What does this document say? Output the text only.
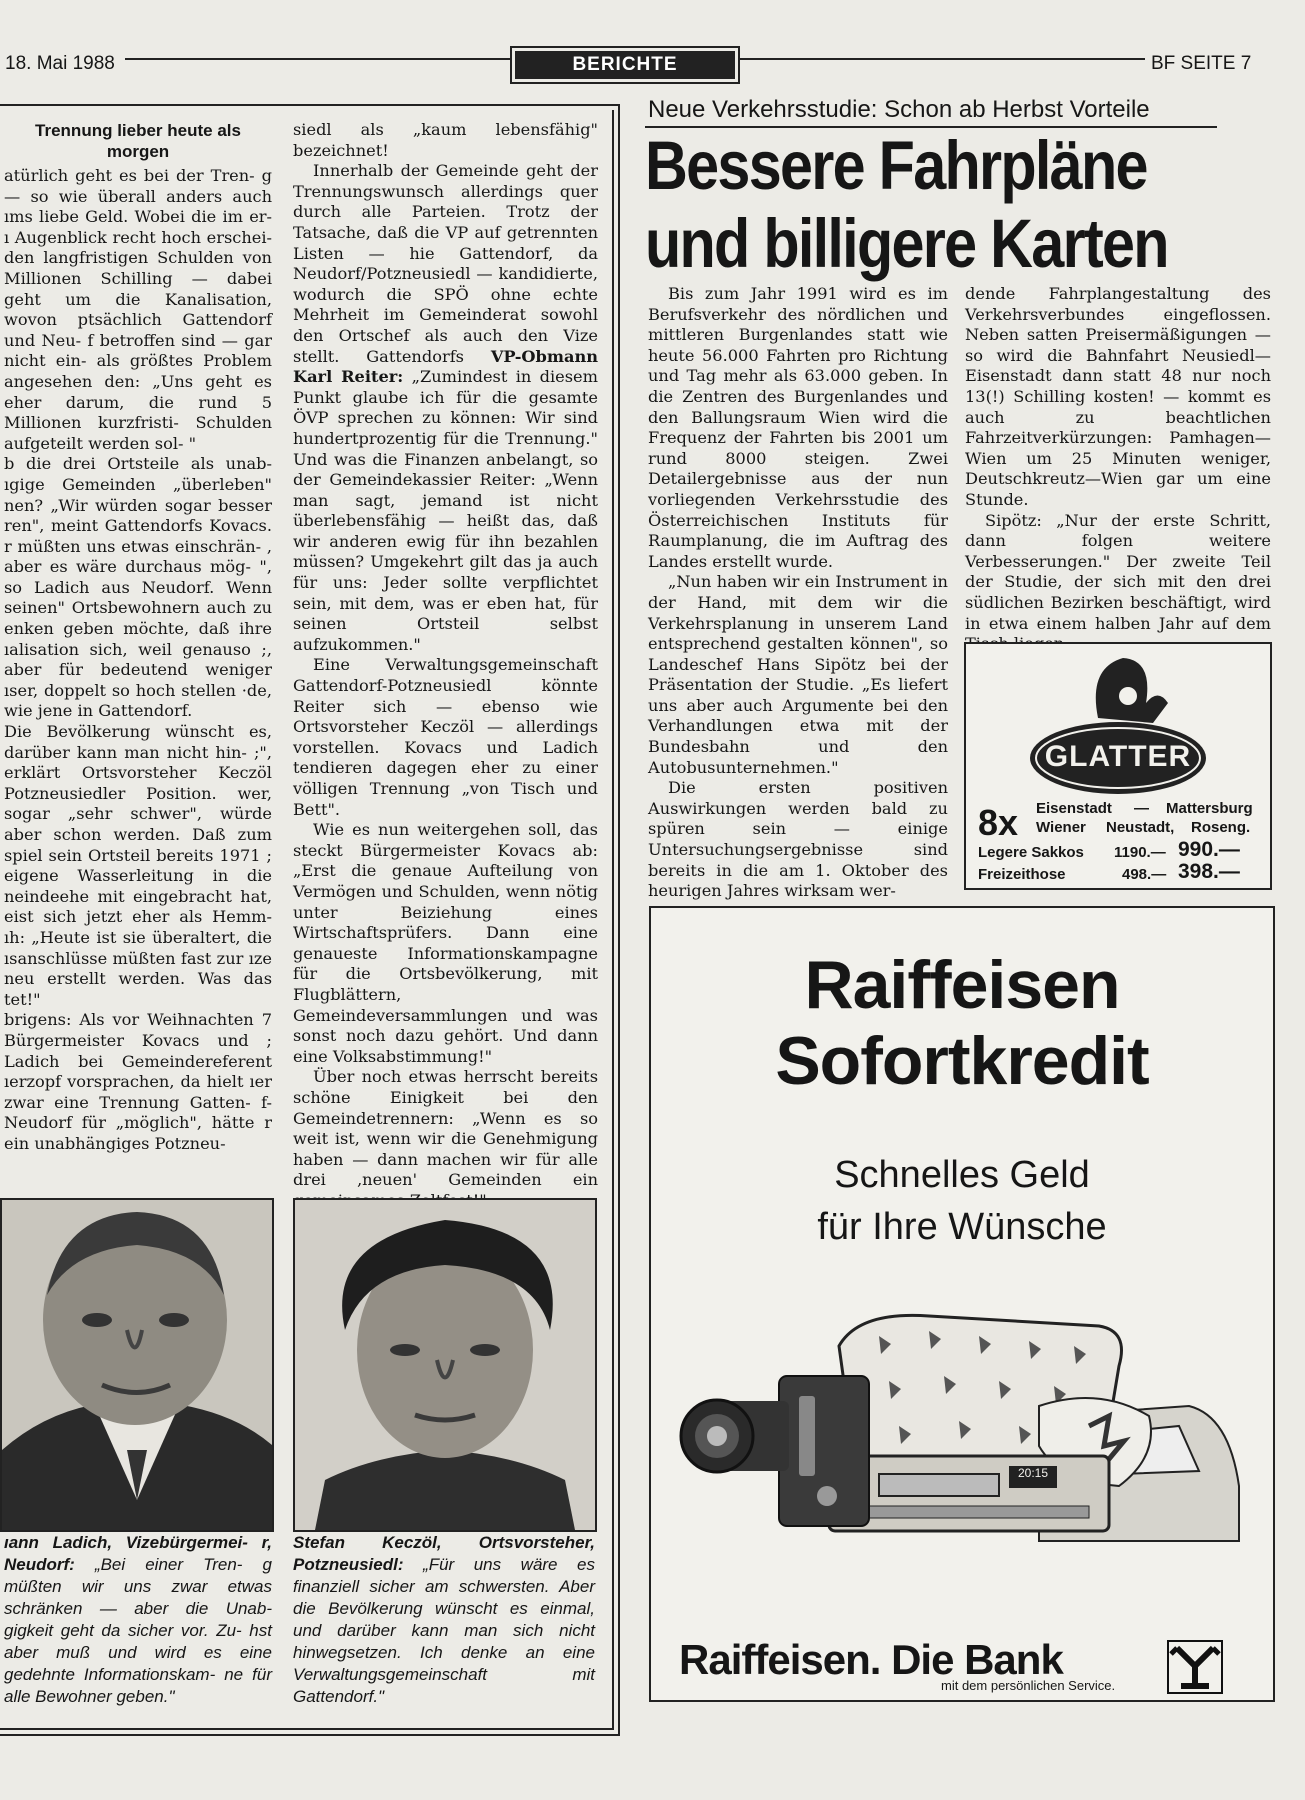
18. Mai 1988	BERICHTE	BF SEITE 7
Trennung lieber heute als morgen

atürlich geht es bei der Tren- g — so wie überall anders auch ıms liebe Geld. Wobei die im er- ı Augenblick recht hoch erschei- den langfristigen Schulden von Millionen Schilling — dabei geht um die Kanalisation, wovon ptsächlich Gattendorf und Neu- f betroffen sind — gar nicht ein- als größtes Problem angesehen den: „Uns geht es eher darum, die rund 5 Millionen kurzfristi- Schulden aufgeteilt werden sol- "

b die drei Ortsteile als unab- ıgige Gemeinden „überleben" nen? „Wir würden sogar besser ren", meint Gattendorfs Kovacs. r müßten uns etwas einschrän- , aber es wäre durchaus mög- ", so Ladich aus Neudorf. Wenn seinen" Ortsbewohnern auch zu enken geben möchte, daß ihre ıalisation sich, weil genauso ;, aber für bedeutend weniger ıser, doppelt so hoch stellen ·de, wie jene in Gattendorf.

Die Bevölkerung wünscht es, darüber kann man nicht hin- ;", erklärt Ortsvorsteher Keczöl Potzneusiedler Position. wer, sogar „sehr schwer", würde aber schon werden. Daß zum spiel sein Ortsteil bereits 1971 ; eigene Wasserleitung in die neindeehe mit eingebracht hat, eist sich jetzt eher als Hemm- ıh: „Heute ist sie überaltert, die ısanschlüsse müßten fast zur ıze neu erstellt werden. Was das tet!"

brigens: Als vor Weihnachten 7 Bürgermeister Kovacs und ; Ladich bei Gemeindereferent ıerzopf vorsprachen, da hielt ıer zwar eine Trennung Gatten- f-Neudorf für „möglich", hätte r ein unabhängiges Potzneu-

siedl als „kaum lebensfähig" bezeichnet!

Innerhalb der Gemeinde geht der Trennungswunsch allerdings quer durch alle Parteien. Trotz der Tatsache, daß die VP auf getrennten Listen — hie Gattendorf, da Neudorf/Potzneusiedl — kandidierte, wodurch die SPÖ ohne echte Mehrheit im Gemeinderat sowohl den Ortschef als auch den Vize stellt. Gattendorfs VP-Obmann Karl Reiter: „Zumindest in diesem Punkt glaube ich für die gesamte ÖVP sprechen zu können: Wir sind hundertprozentig für die Trennung." Und was die Finanzen anbelangt, so der Gemeindekassier Reiter: „Wenn man sagt, jemand ist nicht überlebensfähig — heißt das, daß wir anderen ewig für ihn bezahlen müssen? Umgekehrt gilt das ja auch für uns: Jeder sollte verpflichtet sein, mit dem, was er eben hat, für seinen Ortsteil selbst aufzukommen."

Eine Verwaltungsgemeinschaft Gattendorf-Potzneusiedl könnte Reiter sich — ebenso wie Ortsvorsteher Keczöl — allerdings vorstellen. Kovacs und Ladich tendieren dagegen eher zu einer völligen Trennung „von Tisch und Bett".

Wie es nun weitergehen soll, das steckt Bürgermeister Kovacs ab: „Erst die genaue Aufteilung von Vermögen und Schulden, wenn nötig unter Beiziehung eines Wirtschaftsprüfers. Dann eine genaueste Informationskampagne für die Ortsbevölkerung, mit Flugblättern, Gemeindeversammlungen und was sonst noch dazu gehört. Und dann eine Volksabstimmung!"

Über noch etwas herrscht bereits schöne Einigkeit bei den Gemeindetrennern: „Wenn es so weit ist, wenn wir die Genehmigung haben — dann machen wir für alle drei ‚neuen' Gemeinden ein

ıann Ladich, Vizebürgermei- r, Neudorf: „Bei einer Tren- g müßten wir uns zwar etwas schränken — aber die Unab- gigkeit geht da sicher vor. Zu- hst aber muß und wird es eine gedehnte Informationskam- ne für alle Bewohner geben."
Stefan Keczöl, Ortsvorsteher, Potzneusiedl: „Für uns wäre es finanziell sicher am schwersten. Aber die Bevölkerung wünscht es einmal, und darüber kann man sich nicht hinwegsetzen. Ich denke an eine Verwaltungsgemeinschaft mit Gattendorf."
Neue Verkehrsstudie: Schon ab Herbst Vorteile
Bessere Fahrpläne
und billigere Karten

Bis zum Jahr 1991 wird es im Berufsverkehr des nördlichen und mittleren Burgenlandes statt wie heute 56.000 Fahrten pro Richtung und Tag mehr als 63.000 geben. In die Zentren des Burgenlandes und den Ballungsraum Wien wird die Frequenz der Fahrten bis 2001 um rund 8000 steigen. Zwei Detailergebnisse aus der nun vorliegenden Verkehrsstudie des Österreichischen Instituts für Raumplanung, die im Auftrag des Landes erstellt wurde.

„Nun haben wir ein Instrument in der Hand, mit dem wir die Verkehrsplanung in unserem Land entsprechend gestalten können", so Landeschef Hans Sipötz bei der Präsentation der Studie. „Es liefert uns aber auch Argumente bei den Verhandlungen etwa mit der Bundesbahn und den Autobusunternehmen."

Die ersten positiven Auswirkungen werden bald zu spüren sein — einige Untersuchungsergebnisse sind bereits in die am 1. Oktober des heurigen Jahres wirksam wer-

dende Fahrplangestaltung des Verkehrsverbundes eingeflossen. Neben satten Preisermäßigungen — so wird die Bahnfahrt Neusiedl—Eisenstadt dann statt 48 nur noch 13(!) Schilling kosten! — kommt es auch zu beachtlichen Fahrzeitverkürzungen: Pamhagen—Wien um 25 Minuten weniger, Deutschkreutz—Wien gar um eine Stunde.

Sipötz: „Nur der erste Schritt, dann folgen weitere Verbesserungen." Der zweite Teil der Studie, der sich mit den drei südlichen Bezirken beschäftigt, wird in etwa einem halben Jahr auf dem

GLATTER
8x Eisenstadt — Mattersburg
Wiener Neustadt, Roseng.
Legere Sakkos 1190.— 990.—
Freizeithose	498.— 398.—
Raiffeisen
Sofortkredit
Schnelles Geld
für Ihre Wünsche
20:15
Raiffeisen. Die Bank
mit dem persönlichen Service.
